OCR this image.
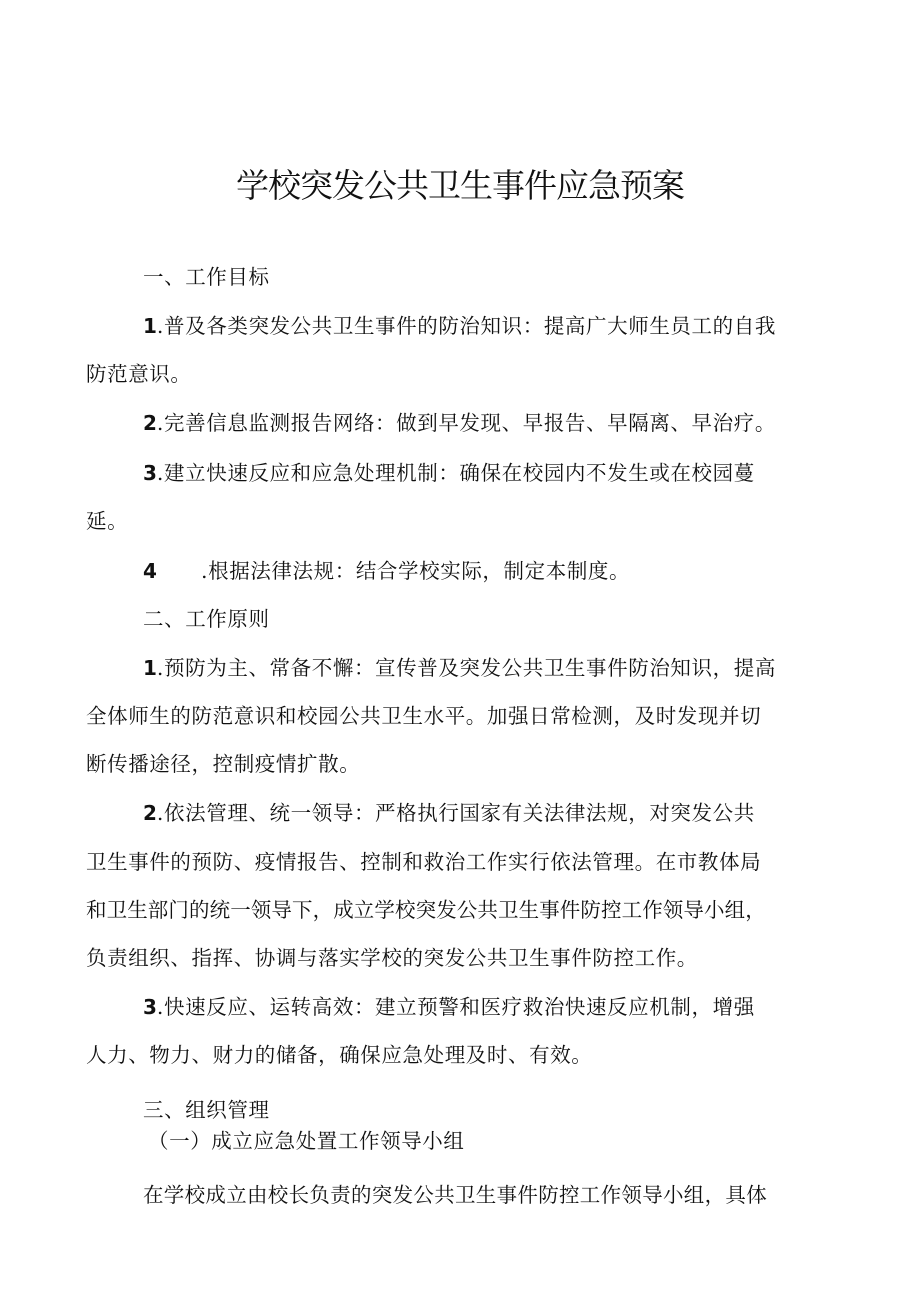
学校突发公共卫生事件应急预案
一、工作目标
1.普及各类突发公共卫生事件的防治知识：提高广大师生员工的自我
防范意识。
2.完善信息监测报告网络：做到早发现、早报告、早隔离、早治疗。
3.建立快速反应和应急处理机制：确保在校园内不发生或在校园蔓
延。
4 .根据法律法规：结合学校实际，制定本制度。
二、工作原则
1.预防为主、常备不懈：宣传普及突发公共卫生事件防治知识，提高
全体师生的防范意识和校园公共卫生水平。加强日常检测，及时发现并切
断传播途径，控制疫情扩散。
2.依法管理、统一领导：严格执行国家有关法律法规，对突发公共
卫生事件的预防、疫情报告、控制和救治工作实行依法管理。在市教体局
和卫生部门的统一领导下，成立学校突发公共卫生事件防控工作领导小组，
负责组织、指挥、协调与落实学校的突发公共卫生事件防控工作。
3.快速反应、运转高效：建立预警和医疗救治快速反应机制，增强
人力、物力、财力的储备，确保应急处理及时、有效。
三、组织管理
（一）成立应急处置工作领导小组
在学校成立由校长负责的突发公共卫生事件防控工作领导小组，具体
